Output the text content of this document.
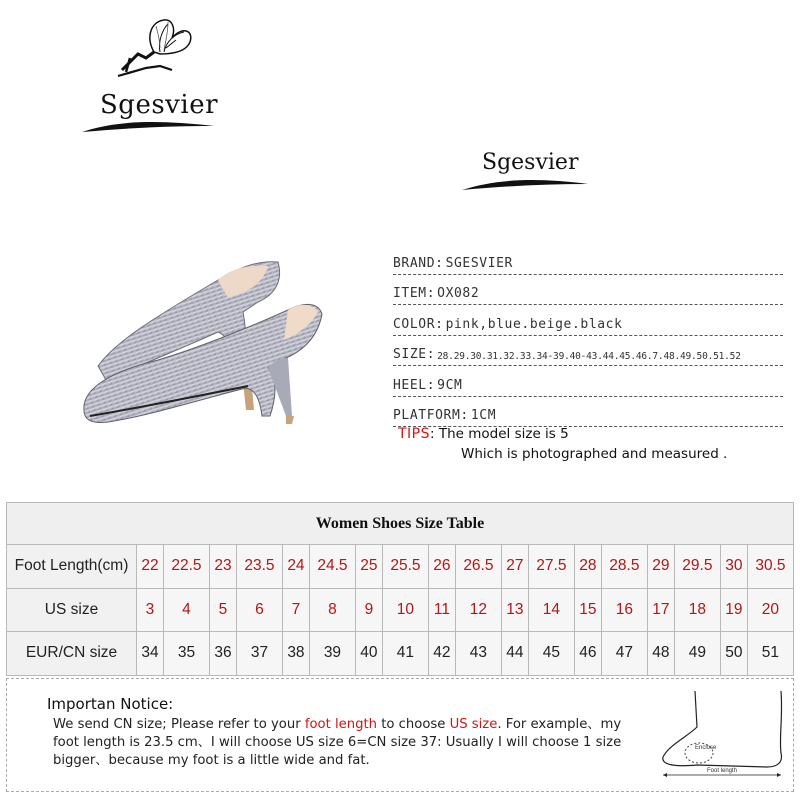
Sgesvier
Sgesvier
BRAND: SGESVIER
ITEM: OX082
COLOR: pink,blue.beige.black
SIZE: 28.29.30.31.32.33.34-39.40-43.44.45.46.7.48.49.50.51.52
HEEL: 9CM
PLATFORM: 1CM
TIPS: The model size is 5
Which is photographed and measured .
Women Shoes Size Table																		
Foot Length(cm)	22	22.5	23	23.5	24	24.5	25	25.5	26	26.5	27	27.5	28	28.5	29	29.5	30	30.5
US size	3	4	5	6	7	8	9	10	11	12	13	14	15	16	17	18	19	20
EUR/CN size	34	35	36	37	38	39	40	41	42	43	44	45	46	47	48	49	50	51
Importan Notice:
We send CN size; Please refer to your foot length to choose US size. For example、my foot length is 23.5 cm、I will choose US size 6=CN size 37: Usually I will choose 1 size bigger、because my foot is a little wide and fat.
Enclose
Foot length
